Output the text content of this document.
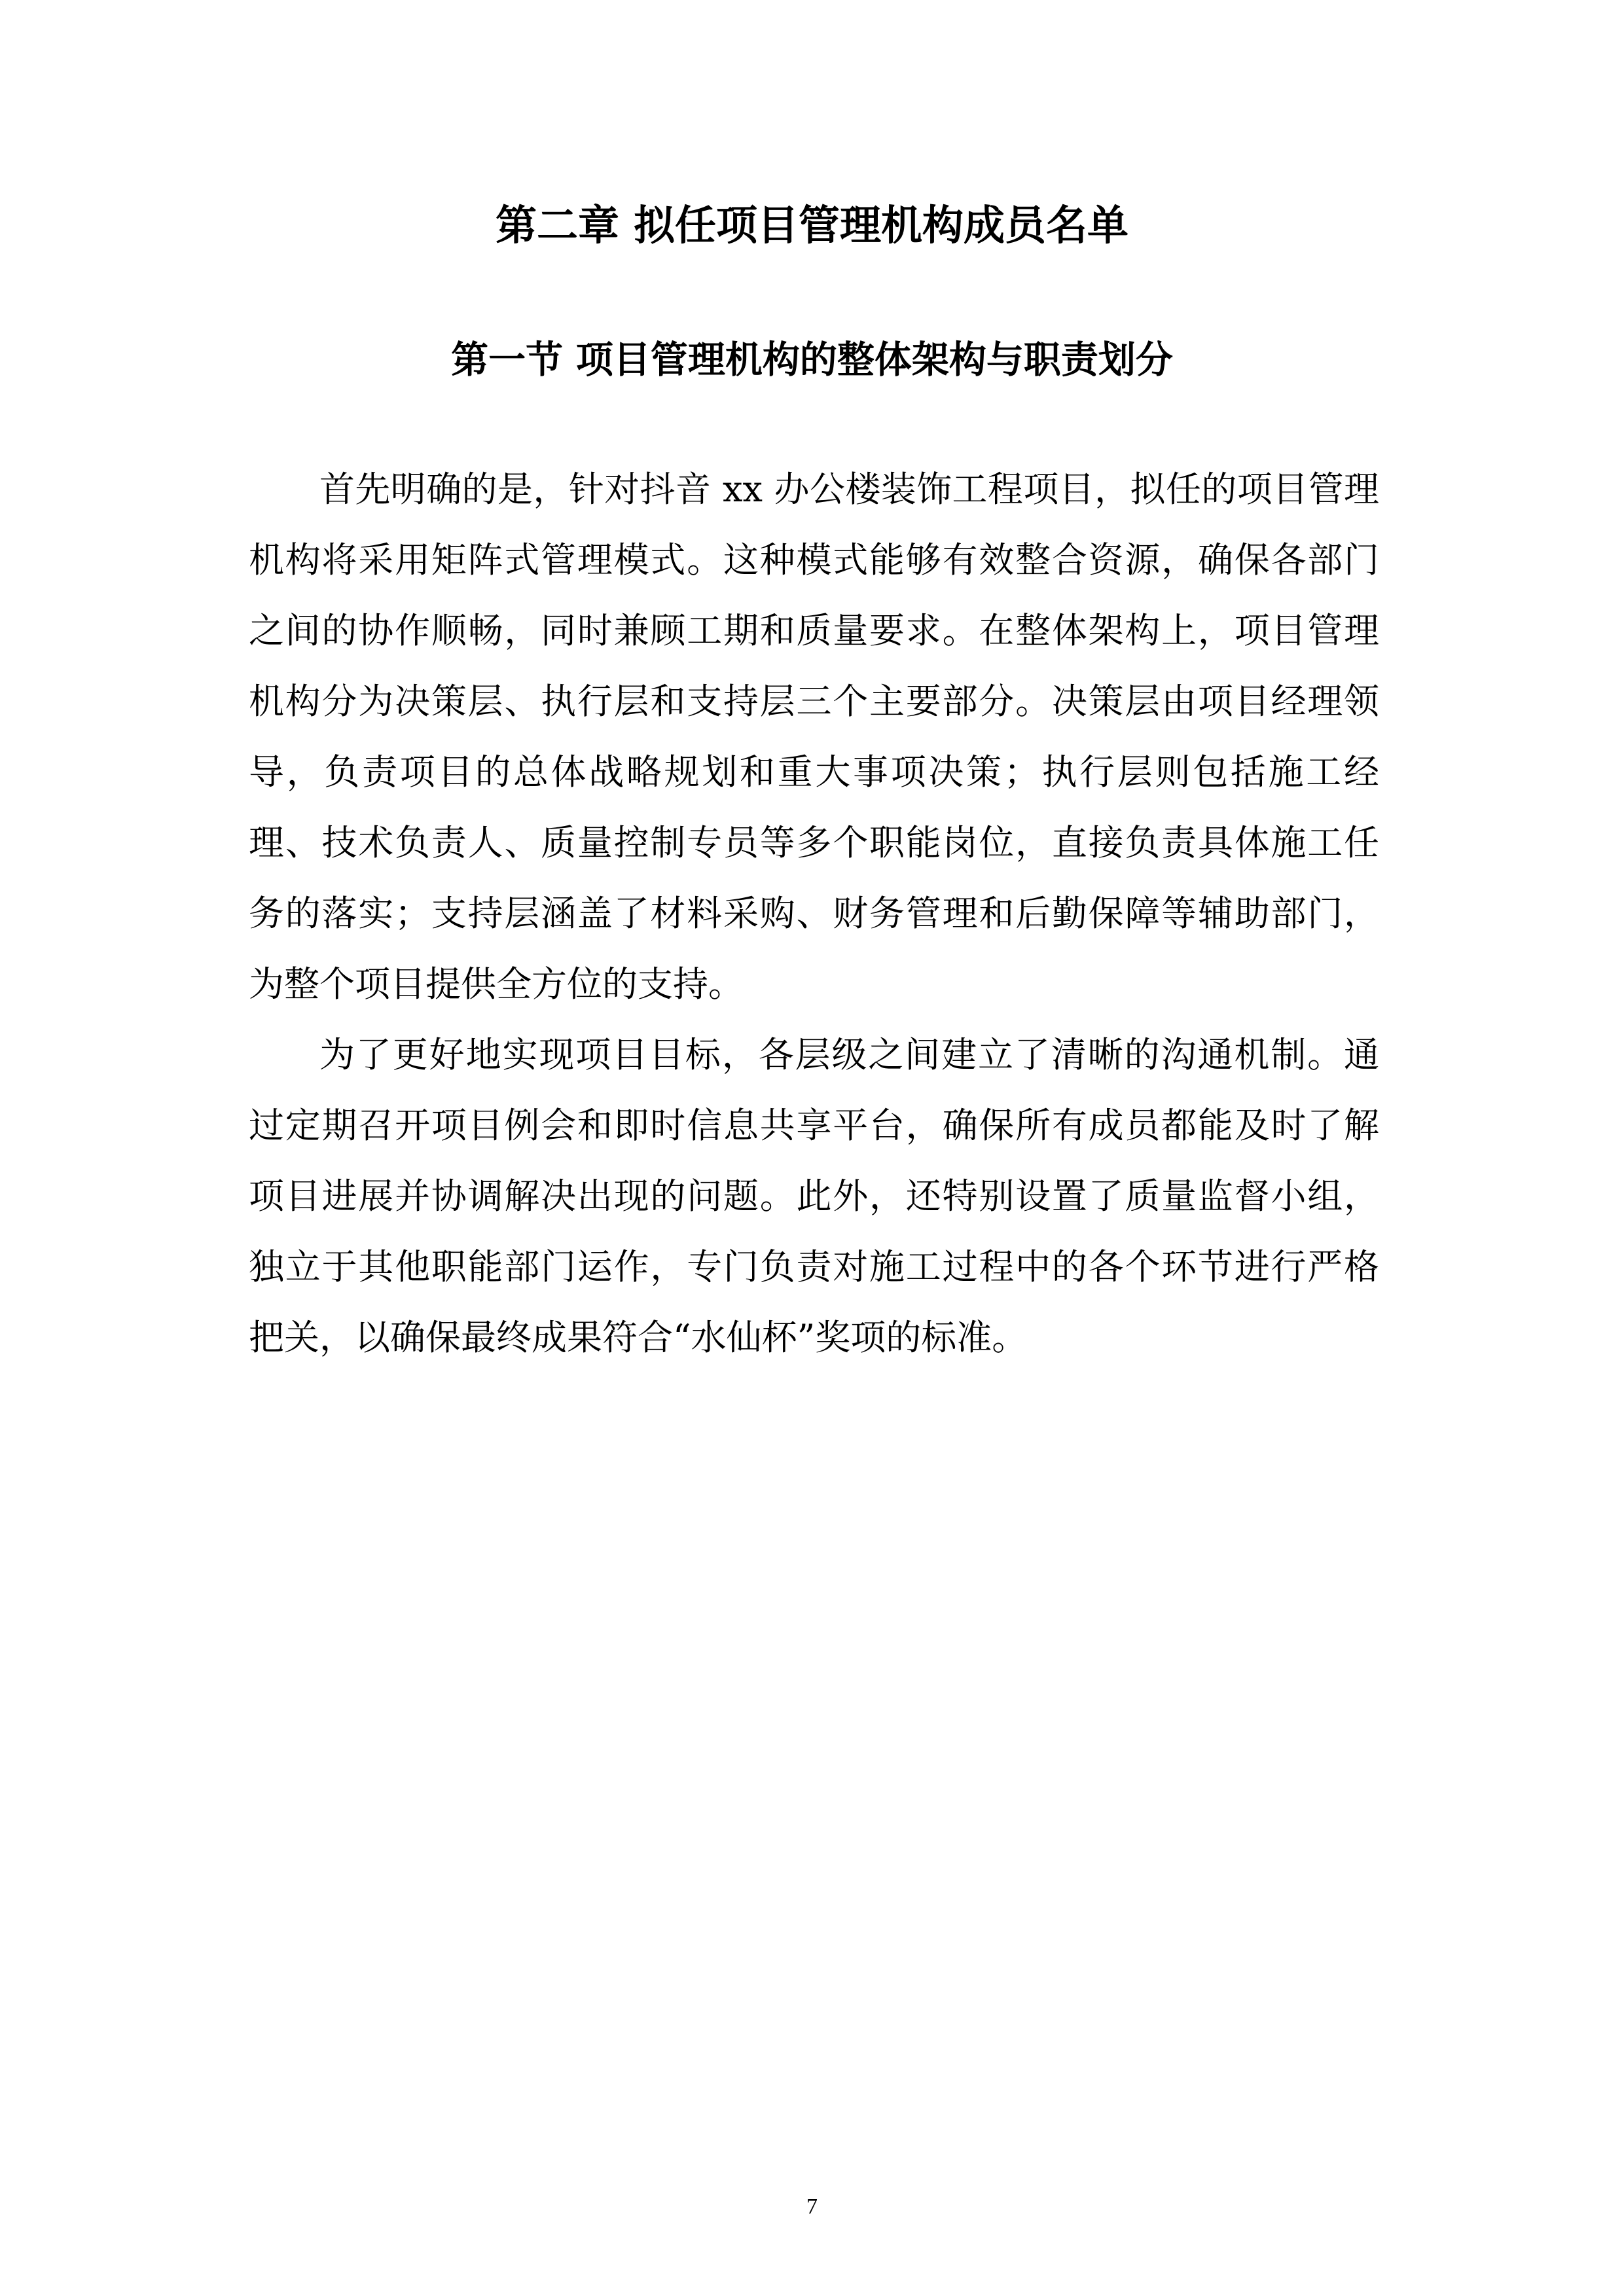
第二章 拟任项目管理机构成员名单
第一节 项目管理机构的整体架构与职责划分

首先明确的是，针对抖音 xx 办公楼装饰工程项目，拟任的项目管理机构将采用矩阵式管理模式。这种模式能够有效整合资源，确保各部门之间的协作顺畅，同时兼顾工期和质量要求。在整体架构上，项目管理机构分为决策层、执行层和支持层三个主要部分。决策层由项目经理领导，负责项目的总体战略规划和重大事项决策；执行层则包括施工经理、技术负责人、质量控制专员等多个职能岗位，直接负责具体施工任务的落实；支持层涵盖了材料采购、财务管理和后勤保障等辅助部门，为整个项目提供全方位的支持。

为了更好地实现项目目标，各层级之间建立了清晰的沟通机制。通过定期召开项目例会和即时信息共享平台，确保所有成员都能及时了解项目进展并协调解决出现的问题。此外，还特别设置了质量监督小组，独立于其他职能部门运作，专门负责对施工过程中的各个环节进行严格把关，以确保最终成果符合“水仙杯”奖项的标准。

7
